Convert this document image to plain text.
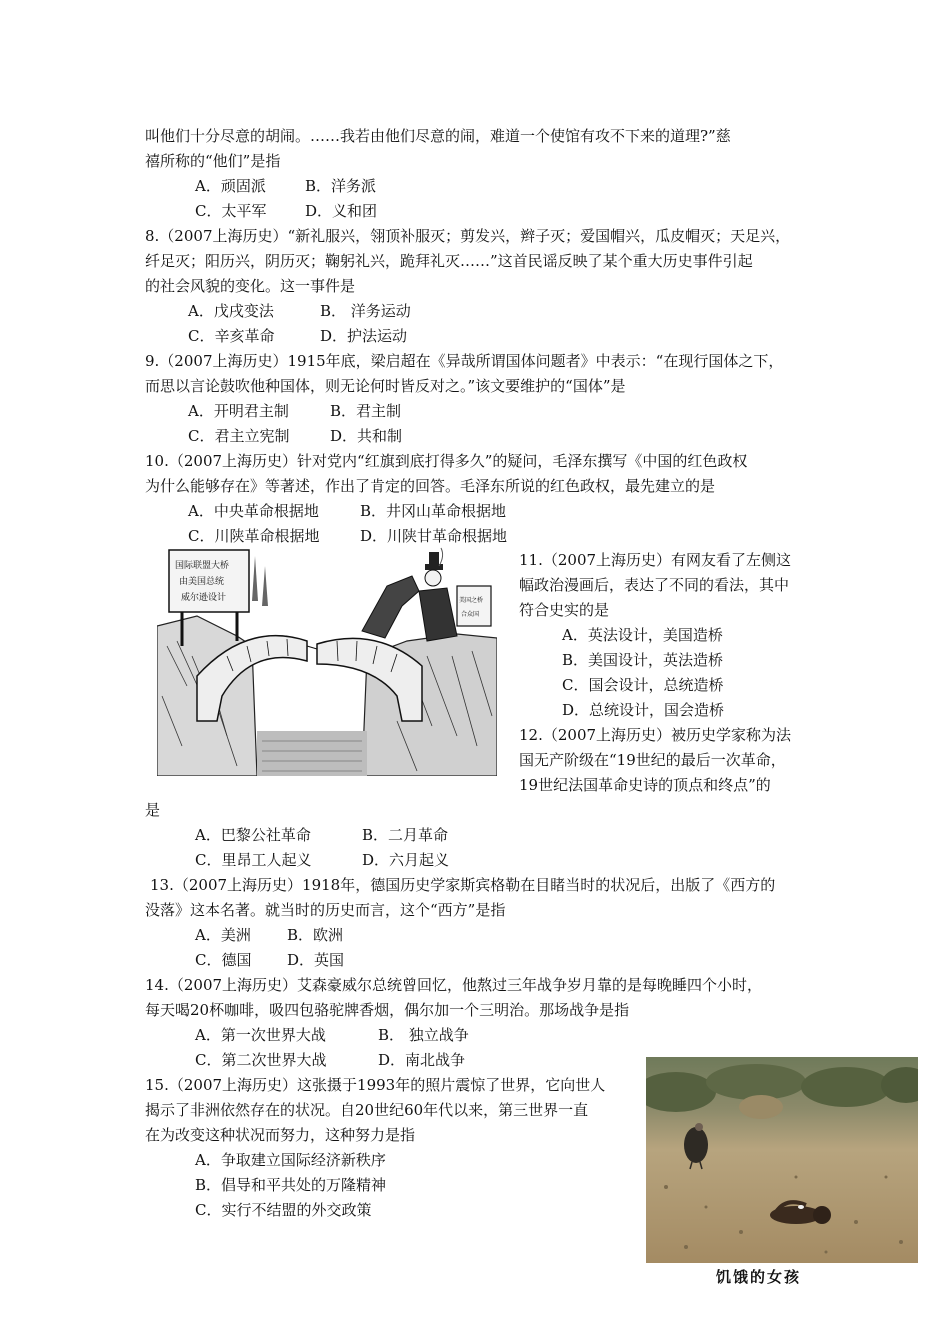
叫他们十分尽意的胡闹。……我若由他们尽意的闹，难道一个使馆有攻不下来的道理?”慈
禧所称的“他们”是指
A．顽固派	B．洋务派
C．太平军	D．义和团
8.（2007上海历史）“新礼服兴，翎顶补服灭；剪发兴，辫子灭；爱国帽兴，瓜皮帽灭；天足兴，
纤足灭；阳历兴，阴历灭；鞠躬礼兴，跪拜礼灭……”这首民谣反映了某个重大历史事件引起
的社会风貌的变化。这一事件是
A．戊戌变法	B． 洋务运动
C．辛亥革命	D．护法运动
9.（2007上海历史）1915年底，梁启超在《异哉所谓国体问题者》中表示：“在现行国体之下，
而思以言论鼓吹他种国体，则无论何时皆反对之。”该文要维护的“国体”是
A．开明君主制	B．君主制
C．君主立宪制	D．共和制
10.（2007上海历史）针对党内“红旗到底打得多久”的疑问，毛泽东撰写《中国的红色政权
为什么能够存在》等著述，作出了肯定的回答。毛泽东所说的红色政权，最先建立的是
A．中央革命根据地	B．井冈山革命根据地
C．川陕革命根据地	D．川陕甘革命根据地
国际联盟大桥
由美国总统
威尔逊设计	美国之桥
合众国
11.（2007上海历史）有网友看了左侧这
幅政治漫画后，表达了不同的看法，其中
符合史实的是
A．英法设计，美国造桥
B．美国设计，英法造桥
C．国会设计，总统造桥
D．总统设计，国会造桥
12.（2007上海历史）被历史学家称为法
国无产阶级在“19世纪的最后一次革命，
19世纪法国革命史诗的顶点和终点”的
是
A．巴黎公社革命	B．二月革命
C．里昂工人起义	D．六月起义
13.（2007上海历史）1918年，德国历史学家斯宾格勒在目睹当时的状况后，出版了《西方的
没落》这本名著。就当时的历史而言，这个“西方”是指
A．美洲 B．欧洲
C．德国 D．英国
14.（2007上海历史）艾森豪威尔总统曾回忆，他熬过三年战争岁月靠的是每晚睡四个小时，
每天喝20杯咖啡，吸四包骆驼牌香烟，偶尔加一个三明治。那场战争是指
A．第一次世界大战	B． 独立战争
C．第二次世界大战	D．南北战争
15.（2007上海历史）这张摄于1993年的照片震惊了世界，它向世人
揭示了非洲依然存在的状况。自20世纪60年代以来，第三世界一直
在为改变这种状况而努力，这种努力是指
A．争取建立国际经济新秩序
B．倡导和平共处的万隆精神
C．实行不结盟的外交政策
饥饿的女孩
